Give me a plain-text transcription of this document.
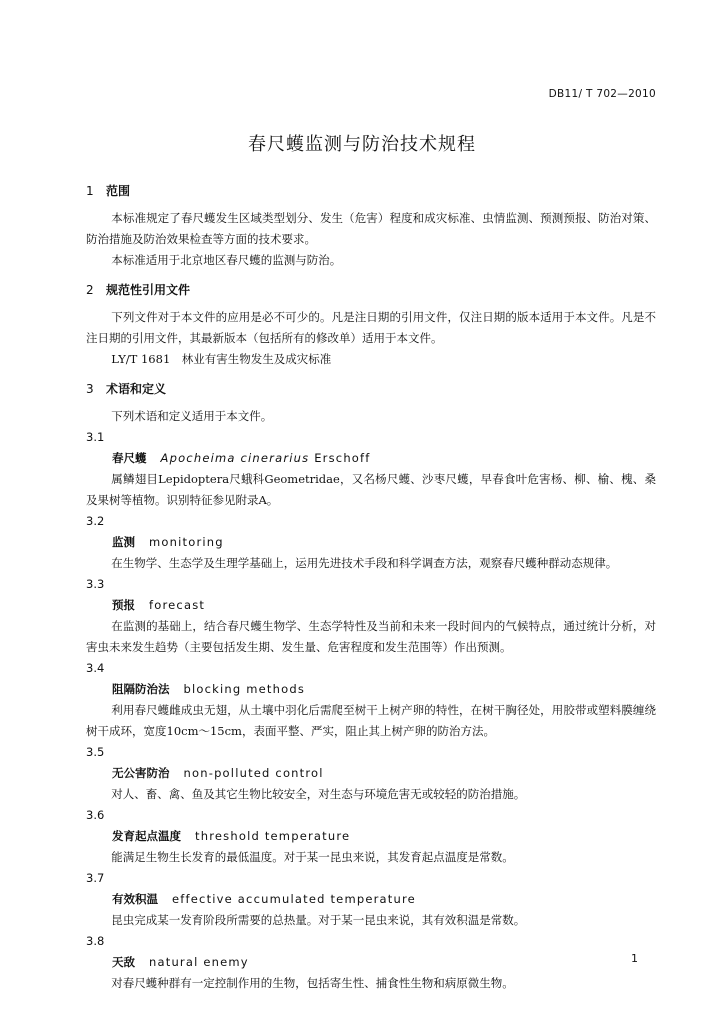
DB11/ T 702—2010
春尺蠖监测与防治技术规程
1 范围

本标准规定了春尺蠖发生区域类型划分、发生（危害）程度和成灾标准、虫情监测、预测预报、防治对策、防治措施及防治效果检查等方面的技术要求。

本标准适用于北京地区春尺蠖的监测与防治。

2 规范性引用文件

下列文件对于本文件的应用是必不可少的。凡是注日期的引用文件，仅注日期的版本适用于本文件。凡是不注日期的引用文件，其最新版本（包括所有的修改单）适用于本文件。

LY/T 1681　林业有害生物发生及成灾标准

3 术语和定义

下列术语和定义适用于本文件。

3.1

春尺蠖 Apocheima cinerarius Erschoff

属鳞翅目Lepidoptera尺蛾科Geometridae，又名杨尺蠖、沙枣尺蠖，早春食叶危害杨、柳、榆、槐、桑及果树等植物。识别特征参见附录A。

3.2

监测 monitoring

在生物学、生态学及生理学基础上，运用先进技术手段和科学调查方法，观察春尺蠖种群动态规律。

3.3

预报 forecast

在监测的基础上，结合春尺蠖生物学、生态学特性及当前和未来一段时间内的气候特点，通过统计分析，对害虫未来发生趋势（主要包括发生期、发生量、危害程度和发生范围等）作出预测。

3.4

阻隔防治法 blocking methods

利用春尺蠖雌成虫无翅，从土壤中羽化后需爬至树干上树产卵的特性，在树干胸径处，用胶带或塑料膜缠绕树干成环，宽度10cm～15cm，表面平整、严实，阻止其上树产卵的防治方法。

3.5

无公害防治 non-polluted control

对人、畜、禽、鱼及其它生物比较安全，对生态与环境危害无或较轻的防治措施。

3.6

发育起点温度 threshold temperature

能满足生物生长发育的最低温度。对于某一昆虫来说，其发育起点温度是常数。

3.7

有效积温 effective accumulated temperature

昆虫完成某一发育阶段所需要的总热量。对于某一昆虫来说，其有效积温是常数。

3.8

天敌 natural enemy

对春尺蠖种群有一定控制作用的生物，包括寄生性、捕食性生物和病原微生物。

1
